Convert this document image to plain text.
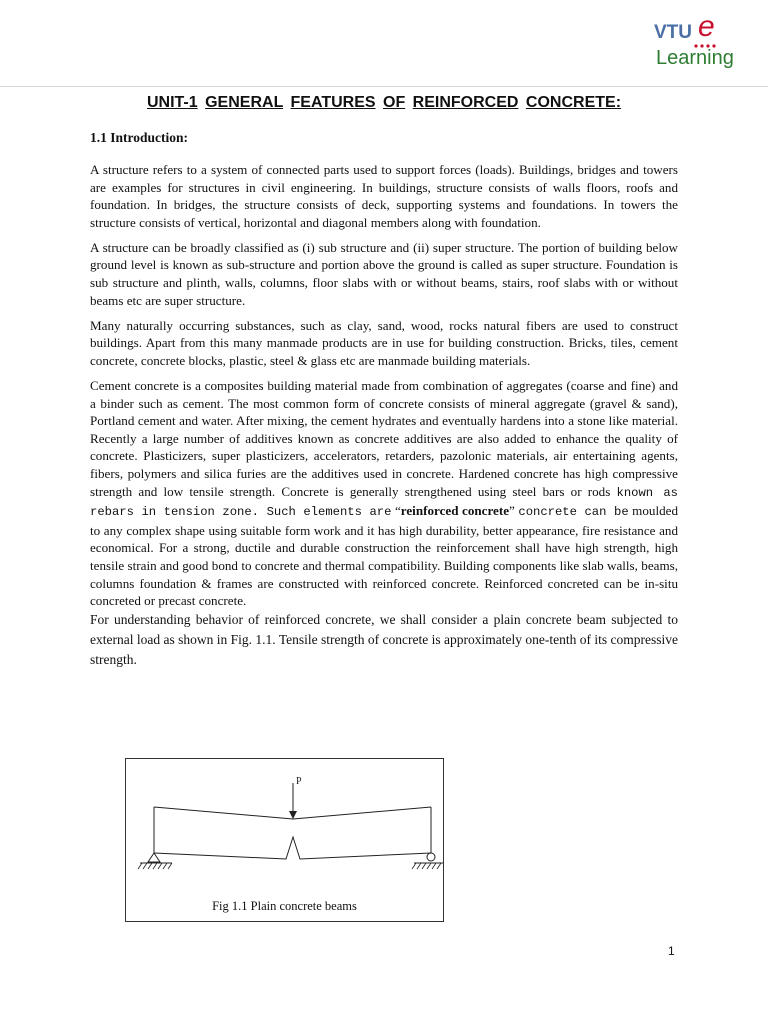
VTU e
Learning
UNIT-1 GENERAL FEATURES OF REINFORCED CONCRETE:
1.1 Introduction:

A structure refers to a system of connected parts used to support forces (loads). Buildings, bridges and towers are examples for structures in civil engineering. In buildings, structure consists of walls floors, roofs and foundation. In bridges, the structure consists of deck, supporting systems and foundations. In towers the structure consists of vertical, horizontal and diagonal members along with foundation.

A structure can be broadly classified as (i) sub structure and (ii) super structure. The portion of building below ground level is known as sub-structure and portion above the ground is called as super structure. Foundation is sub structure and plinth, walls, columns, floor slabs with or without beams, stairs, roof slabs with or without beams etc are super structure.

Many naturally occurring substances, such as clay, sand, wood, rocks natural fibers are used to construct buildings. Apart from this many manmade products are in use for building construction. Bricks, tiles, cement concrete, concrete blocks, plastic, steel & glass etc are manmade building materials.

Cement concrete is a composites building material made from combination of aggregates (coarse and fine) and a binder such as cement. The most common form of concrete consists of mineral aggregate (gravel & sand), Portland cement and water. After mixing, the cement hydrates and eventually hardens into a stone like material. Recently a large number of additives known as concrete additives are also added to enhance the quality of concrete. Plasticizers, super plasticizers, accelerators, retarders, pazolonic materials, air entertaining agents, fibers, polymers and silica furies are the additives used in concrete. Hardened concrete has high compressive strength and low tensile strength. Concrete is generally strengthened using steel bars or rods known as rebars in tension zone. Such elements are “reinforced concrete” concrete can be moulded to any complex shape using suitable form work and it has high durability, better appearance, fire resistance and economical. For a strong, ductile and durable construction the reinforcement shall have high strength, high tensile strain and good bond to concrete and thermal compatibility. Building components like slab walls, beams, columns foundation & frames are constructed with reinforced concrete. Reinforced concreted can be in-situ concreted or precast concrete.

For understanding behavior of reinforced concrete, we shall consider a plain concrete beam subjected to external load as shown in Fig. 1.1. Tensile strength of concrete is approximately one-tenth of its compressive strength.

P
Fig 1.1 Plain concrete beams
1
